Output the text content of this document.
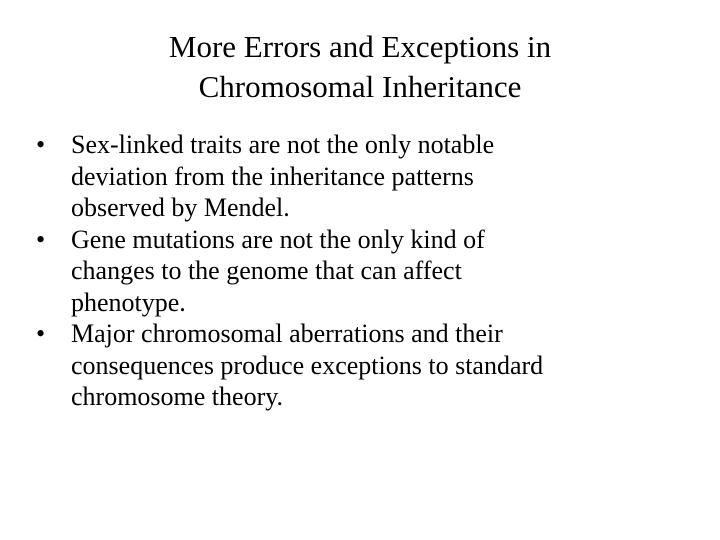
More Errors and Exceptions in
Chromosomal Inheritance
• Sex-linked traits are not the only notable
deviation from the inheritance patterns
observed by Mendel.
• Gene mutations are not the only kind of
changes to the genome that can affect
phenotype.
• Major chromosomal aberrations and their
consequences produce exceptions to standard
chromosome theory.
